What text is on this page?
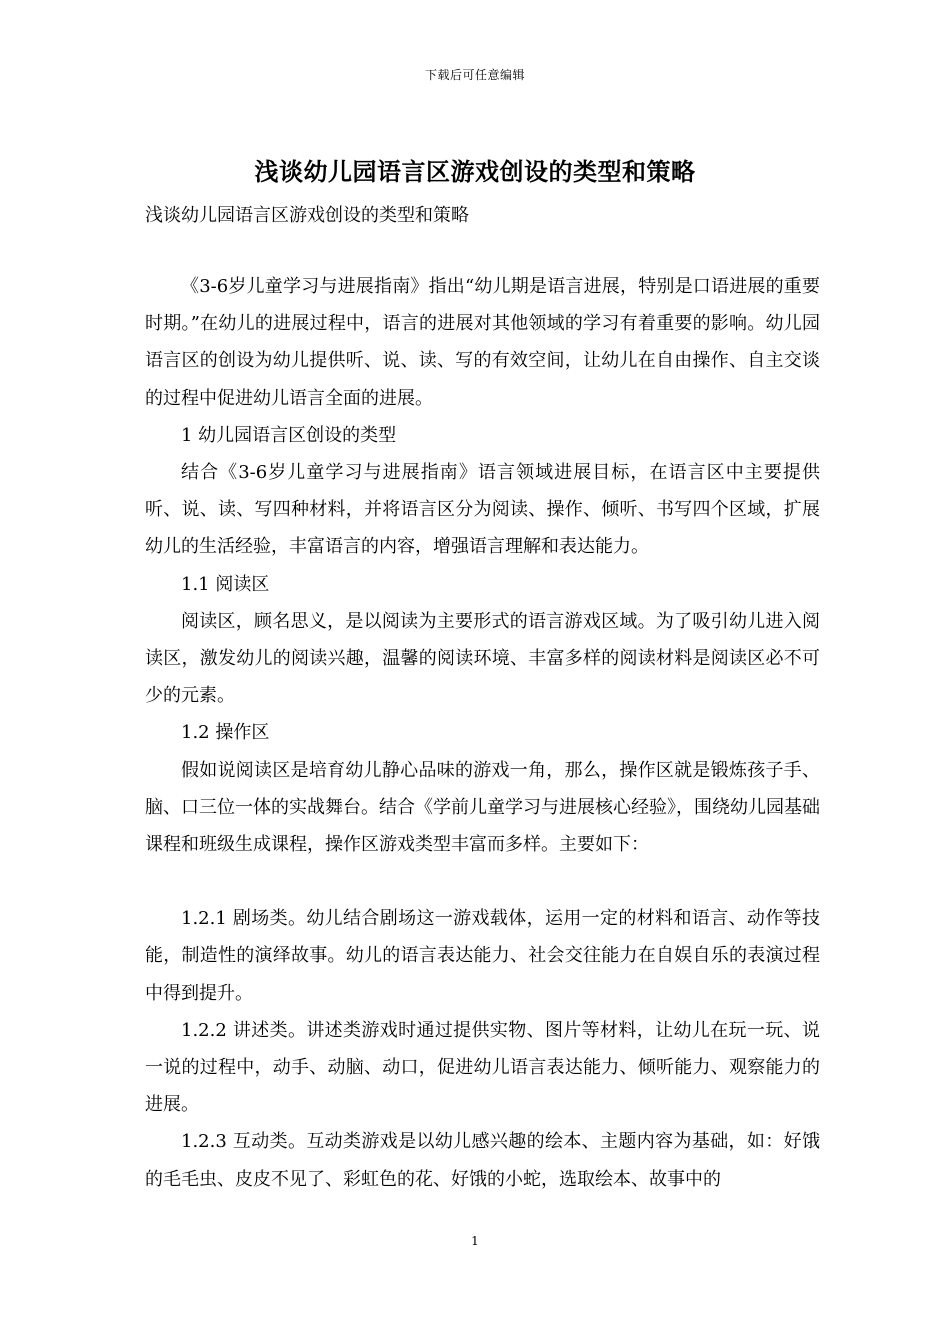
下载后可任意编辑
浅谈幼儿园语言区游戏创设的类型和策略
浅谈幼儿园语言区游戏创设的类型和策略

《3-6岁儿童学习与进展指南》指出“幼儿期是语言进展，特别是口语进展的重要时期。”在幼儿的进展过程中，语言的进展对其他领域的学习有着重要的影响。幼儿园语言区的创设为幼儿提供听、说、读、写的有效空间，让幼儿在自由操作、自主交谈的过程中促进幼儿语言全面的进展。

1 幼儿园语言区创设的类型

结合《3-6岁儿童学习与进展指南》语言领域进展目标，在语言区中主要提供听、说、读、写四种材料，并将语言区分为阅读、操作、倾听、书写四个区域，扩展幼儿的生活经验，丰富语言的内容，增强语言理解和表达能力。

1.1 阅读区

阅读区，顾名思义，是以阅读为主要形式的语言游戏区域。为了吸引幼儿进入阅读区，激发幼儿的阅读兴趣，温馨的阅读环境、丰富多样的阅读材料是阅读区必不可少的元素。

1.2 操作区

假如说阅读区是培育幼儿静心品味的游戏一角，那么，操作区就是锻炼孩子手、脑、口三位一体的实战舞台。结合《学前儿童学习与进展核心经验》，围绕幼儿园基础课程和班级生成课程，操作区游戏类型丰富而多样。主要如下：

1.2.1 剧场类。幼儿结合剧场这一游戏载体，运用一定的材料和语言、动作等技能，制造性的演绎故事。幼儿的语言表达能力、社会交往能力在自娱自乐的表演过程中得到提升。

1.2.2 讲述类。讲述类游戏时通过提供实物、图片等材料，让幼儿在玩一玩、说一说的过程中，动手、动脑、动口，促进幼儿语言表达能力、倾听能力、观察能力的进展。

1.2.3 互动类。互动类游戏是以幼儿感兴趣的绘本、主题内容为基础，如：好饿的毛毛虫、皮皮不见了、彩虹色的花、好饿的小蛇，选取绘本、故事中的

1
